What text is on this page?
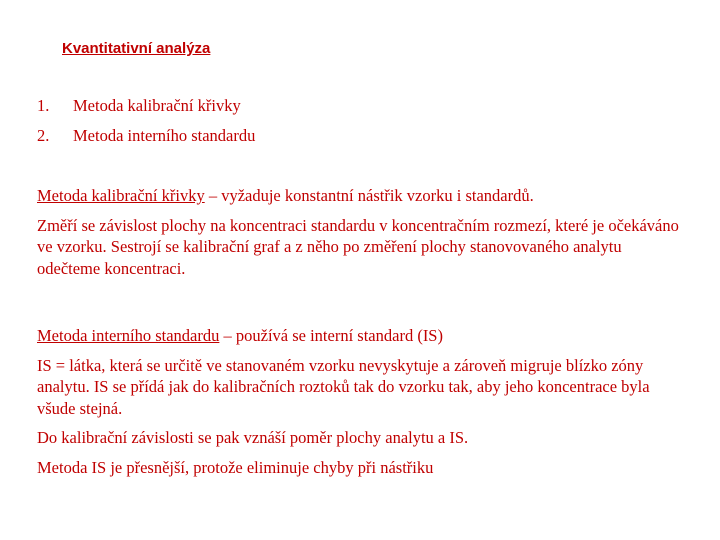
Kvantitativní analýza
1. Metoda kalibrační křivky
2. Metoda interního standardu

Metoda kalibrační křivky – vyžaduje konstantní nástřik vzorku i standardů.

Změří se závislost plochy na koncentraci standardu v koncentračním rozmezí, které je očekáváno ve vzorku. Sestrojí se kalibrační graf a z něho po změření plochy stanovovaného analytu odečteme koncentraci.

Metoda interního standardu – používá se interní standard (IS)

IS = látka, která se určitě ve stanovaném vzorku nevyskytuje a zároveň migruje blízko zóny analytu. IS se přídá jak do kalibračních roztoků tak do vzorku tak, aby jeho koncentrace byla všude stejná.

Do kalibrační závislosti se pak vznáší poměr plochy analytu a IS.

Metoda IS je přesnější, protože eliminuje chyby při nástřiku
